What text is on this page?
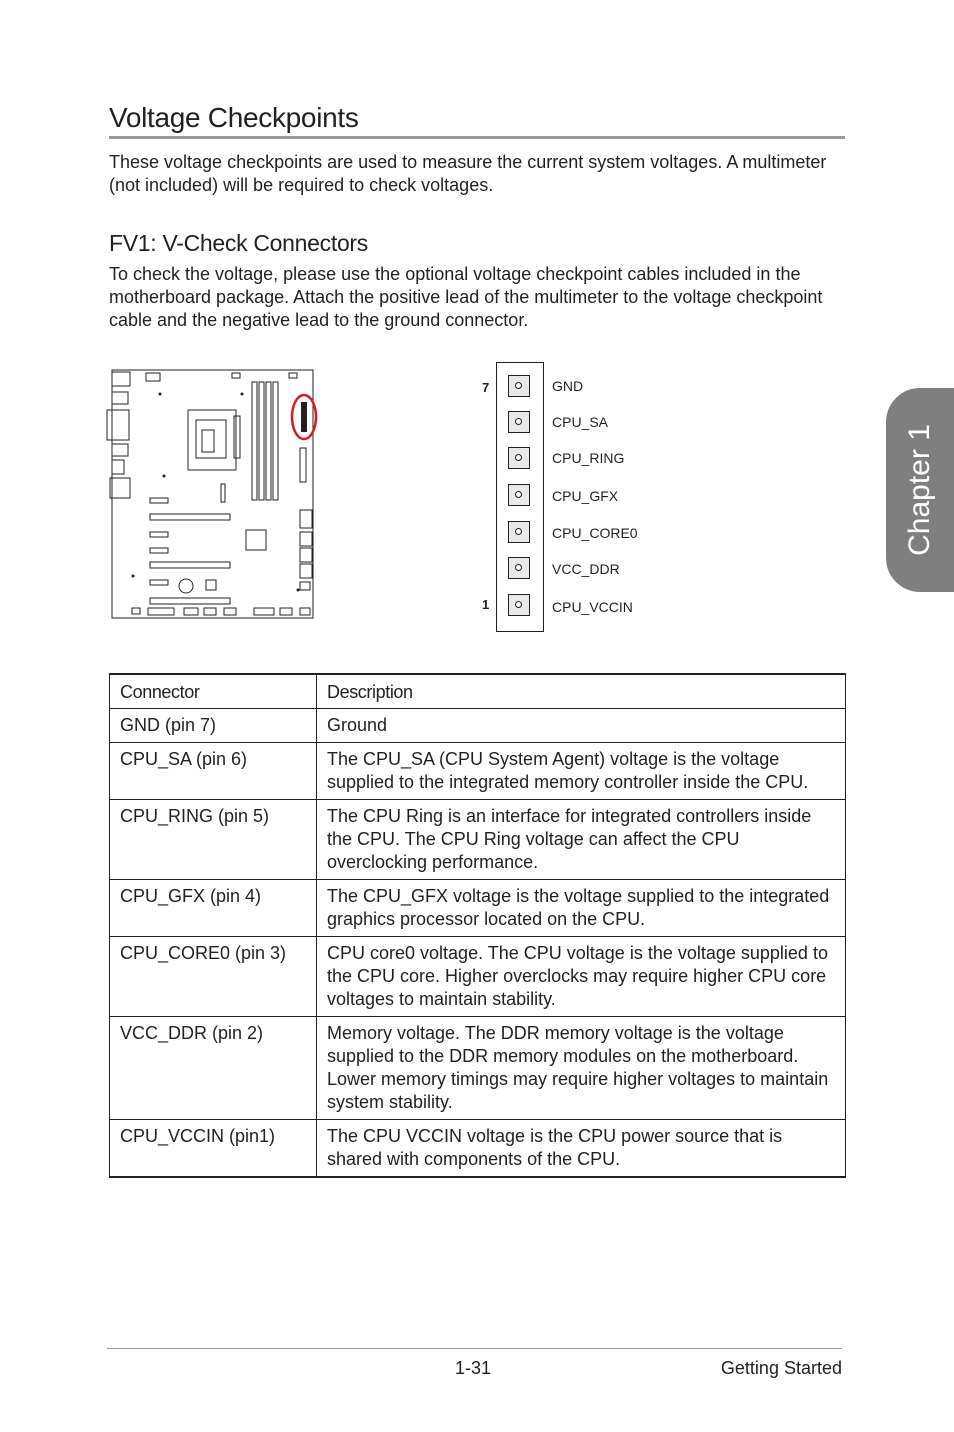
Voltage Checkpoints
These voltage checkpoints are used to measure the current system voltages. A multimeter (not included) will be required to check voltages.
FV1: V-Check Connectors
To check the voltage, please use the optional voltage checkpoint cables included in the motherboard package. Attach the positive lead of the multimeter to the voltage checkpoint cable and the negative lead to the ground connector.
Chapter 1
7
1
GND
CPU_SA
CPU_RING
CPU_GFX
CPU_CORE0
VCC_DDR
CPU_VCCIN
Connector	Description
GND (pin 7)	Ground
CPU_SA (pin 6)	The CPU_SA (CPU System Agent) voltage is the voltage supplied to the integrated memory controller inside the CPU.
CPU_RING (pin 5)	The CPU Ring is an interface for integrated controllers inside the CPU. The CPU Ring voltage can affect the CPU overclocking performance.
CPU_GFX (pin 4)	The CPU_GFX voltage is the voltage supplied to the integrated graphics processor located on the CPU.
CPU_CORE0 (pin 3)	CPU core0 voltage. The CPU voltage is the voltage supplied to the CPU core. Higher overclocks may require higher CPU core voltages to maintain stability.
VCC_DDR (pin 2)	Memory voltage. The DDR memory voltage is the voltage supplied to the DDR memory modules on the motherboard. Lower memory timings may require higher voltages to maintain system stability.
CPU_VCCIN (pin1)	The CPU VCCIN voltage is the CPU power source that is shared with components of the CPU.
1-31	Getting Started
